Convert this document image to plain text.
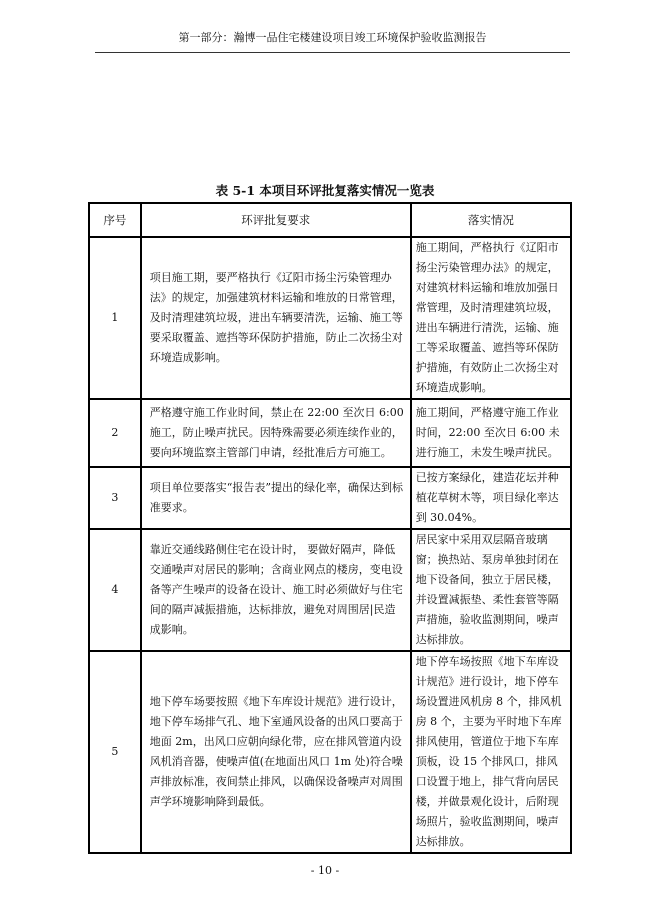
第一部分：瀚博一品住宅楼建设项目竣工环境保护验收监测报告
表 5-1 本项目环评批复落实情况一览表
序号	环评批复要求	落实情况
1	项目施工期，要严格执行《辽阳市扬尘污染管理办法》的规定，加强建筑材料运输和堆放的日常管理，及时清理建筑垃圾，进出车辆要清洗，运输、施工等要采取覆盖、遮挡等环保防护措施，防止二次扬尘对环境造成影响。	施工期间，严格执行《辽阳市扬尘污染管理办法》的规定，对建筑材料运输和堆放加强日常管理，及时清理建筑垃圾，进出车辆进行清洗，运输、施工等采取覆盖、遮挡等环保防护措施，有效防止二次扬尘对环境造成影响。

2	严格遵守施工作业时间，禁止在 22:00 至次日 6:00 施工，防止噪声扰民。因特殊需要必须连续作业的，要向环境监察主管部门申请，经批准后方可施工。	施工期间，严格遵守施工作业时间，22:00 至次日 6:00 未进行施工，未发生噪声扰民。

3	项目单位要落实“报告表”提出的绿化率，确保达到标准要求。	已按方案绿化，建造花坛并种植花草树木等，项目绿化率达到 30.04%。

4	靠近交通线路侧住宅在设计时， 要做好隔声，降低交通噪声对居民的影响；含商业网点的楼房，变电设备等产生噪声的设备在设计、施工时必须做好与住宅间的隔声减振措施，达标排放，避免对周围居|民造成影响。	居民家中采用双层隔音玻璃窗；换热站、泵房单独封闭在地下设备间，独立于居民楼，并设置减振垫、柔性套管等隔声措施，验收监测期间，噪声达标排放。

5	地下停车场要按照《地下车库设计规范》进行设计，地下停车场排气孔、地下室通风设备的出风口要高于地面 2m，出风口应朝向绿化带，应在排风管道内设风机消音器，使噪声值(在地面出风口 1m 处)符合噪声排放标准，夜间禁止排风，以确保设备噪声对周围声学环境影响降到最低。	地下停车场按照《地下车库设计规范》进行设计，地下停车场设置进风机房 8 个，排风机房 8 个，主要为平时地下车库排风使用，管道位于地下车库顶板，设 15 个排风口，排风口设置于地上，排气背向居民楼，并做景观化设计，后附现场照片，验收监测期间，噪声达标排放。
- 10 -
